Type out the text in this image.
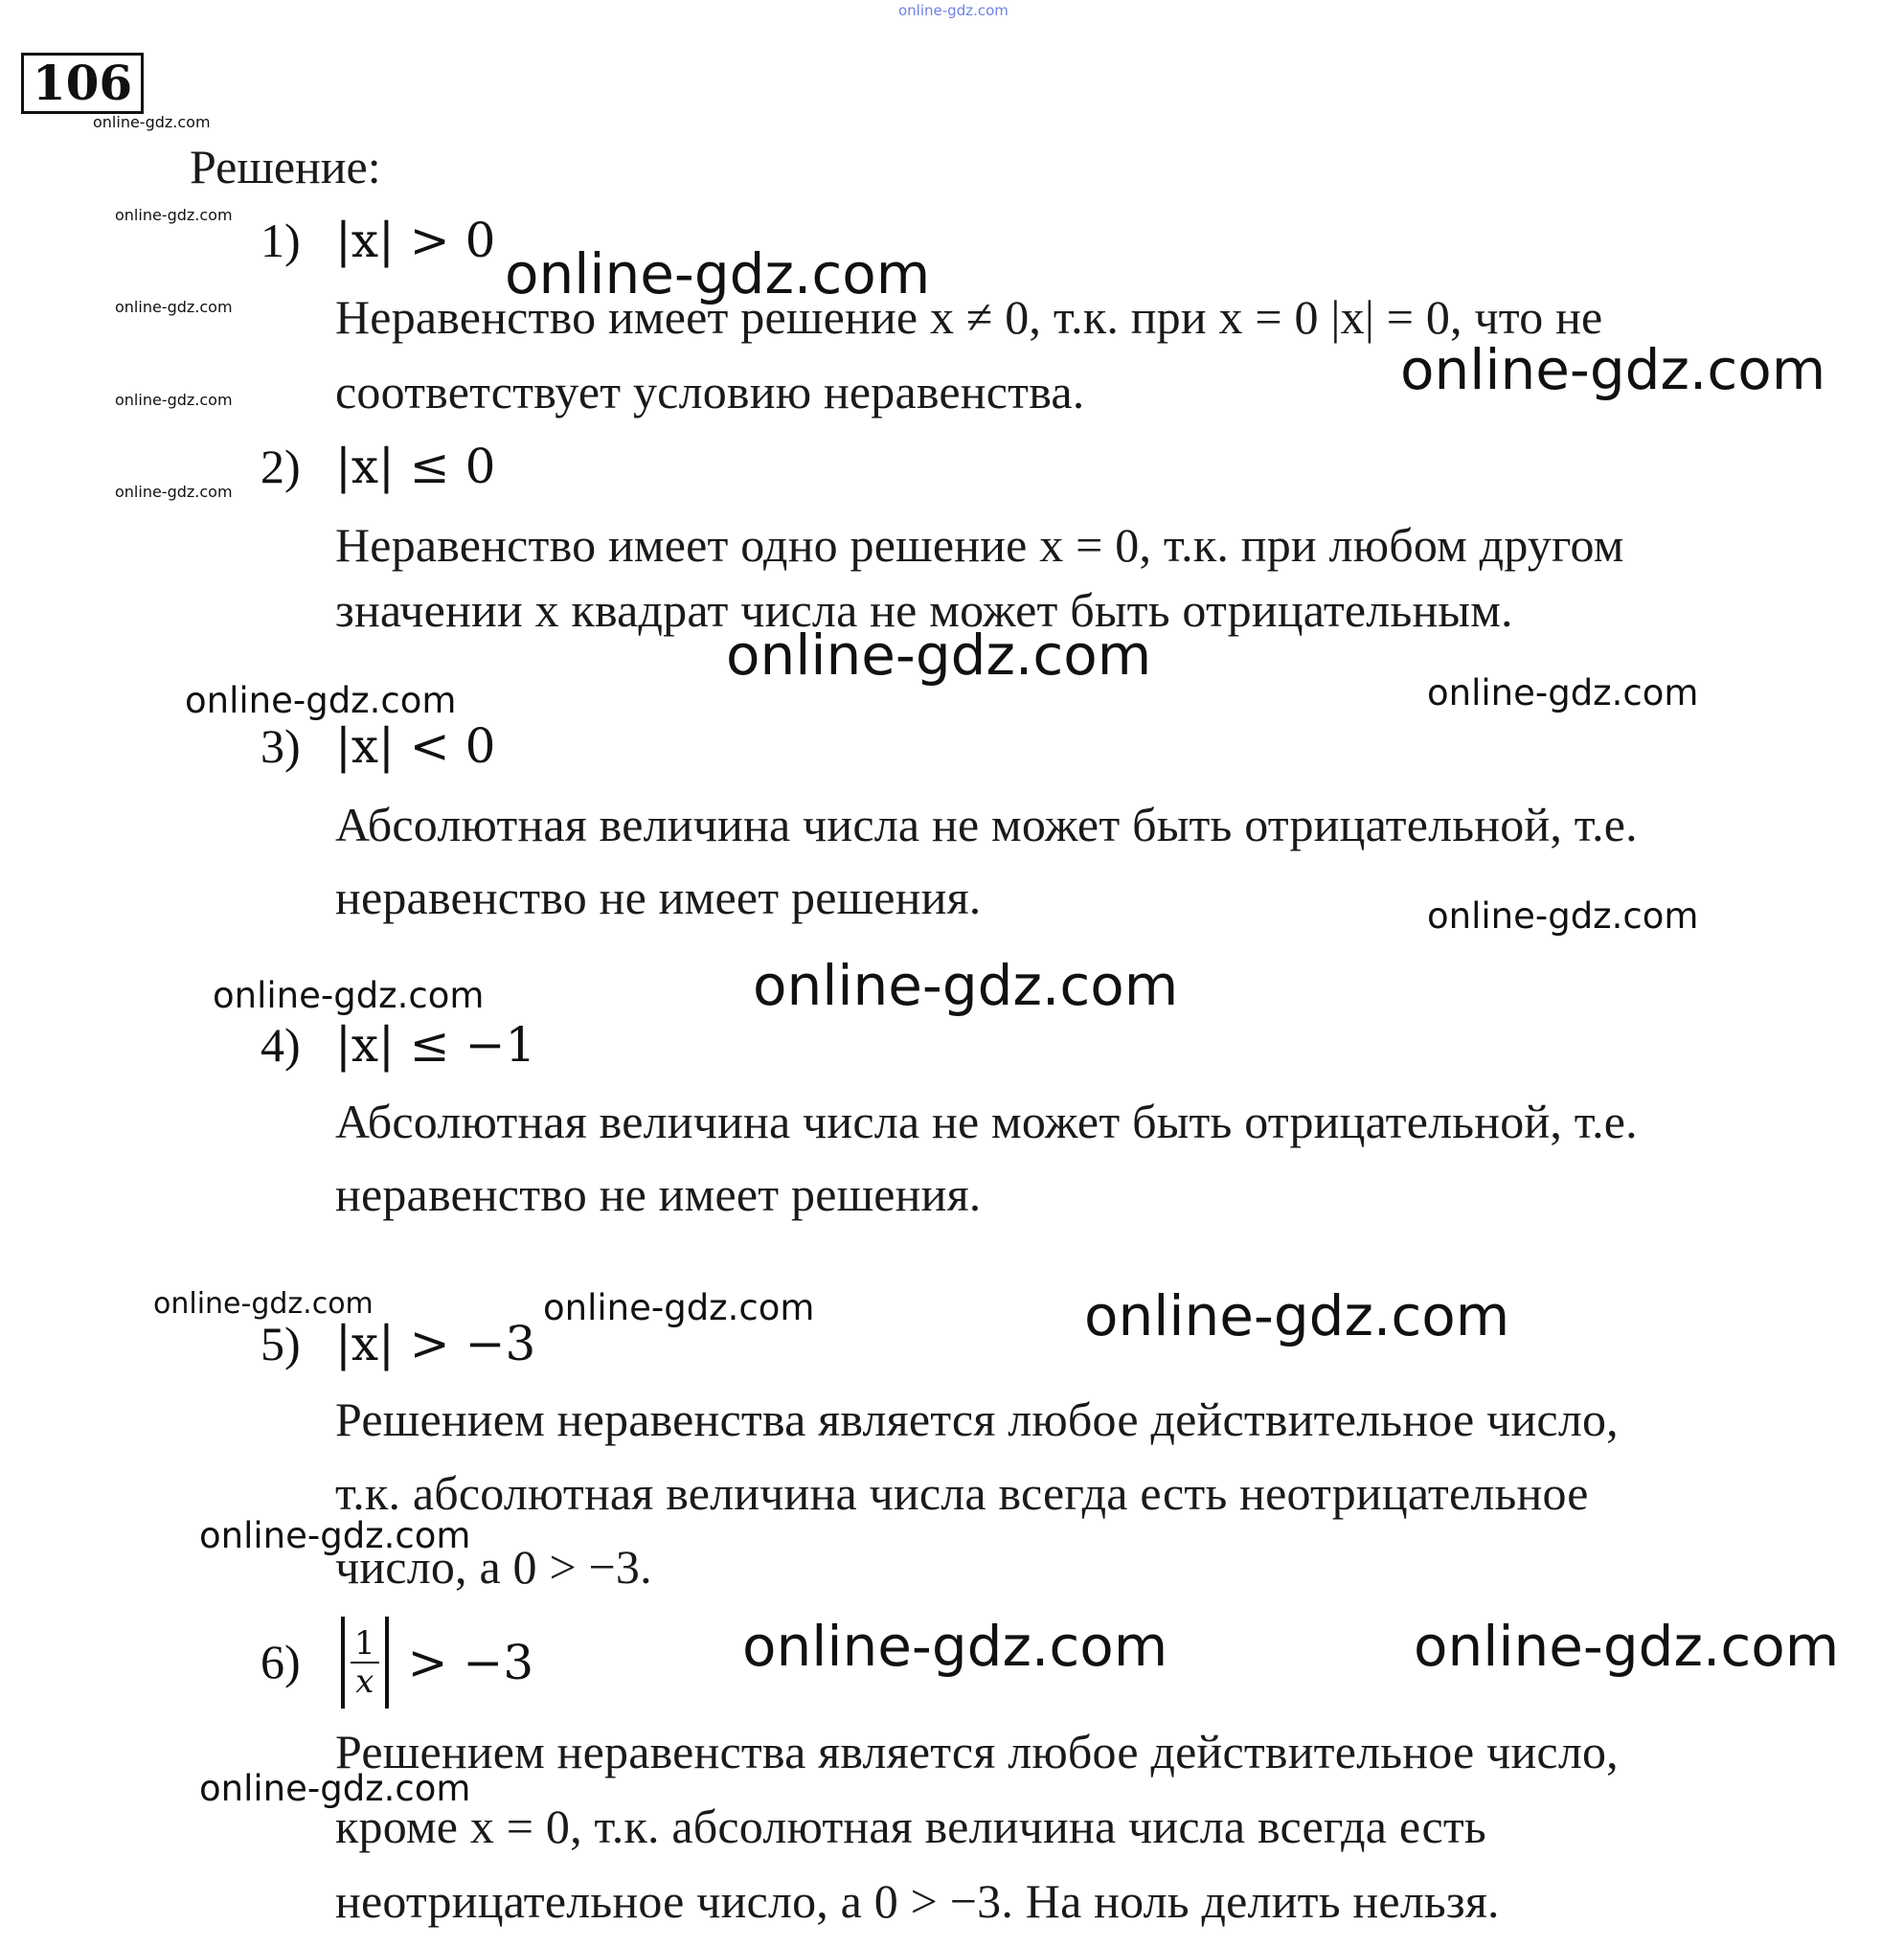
online-gdz.com
106
online-gdz.com
Решение:
online-gdz.com
online-gdz.com
online-gdz.com
online-gdz.com
1) |x| > 0
online-gdz.com
Неравенство имеет решение x ≠ 0, т.к. при x = 0 |x| = 0, что не
online-gdz.com
соответствует условию неравенства.
2) |x| ≤ 0
Неравенство имеет одно решение x = 0, т.к. при любом другом
значении x квадрат числа не может быть отрицательным.
online-gdz.com
online-gdz.com	online-gdz.com
3) |x| < 0
Абсолютная величина числа не может быть отрицательной, т.е.
неравенство не имеет решения.	online-gdz.com
online-gdz.com
online-gdz.com
4) |x| ≤ −1
Абсолютная величина числа не может быть отрицательной, т.е.
неравенство не имеет решения.
online-gdz.com	online-gdz.com	online-gdz.com
5) |x| > −3
Решением неравенства является любое действительное число,
т.к. абсолютная величина числа всегда есть неотрицательное
online-gdz.com
число, а 0 > −3.
$6) \frac{1}{x} > -3$	online-gdz.com	online-gdz.com
Решением неравенства является любое действительное число,
online-gdz.com
кроме x = 0, т.к. абсолютная величина числа всегда есть
неотрицательное число, а 0 > −3. На ноль делить нельзя.
